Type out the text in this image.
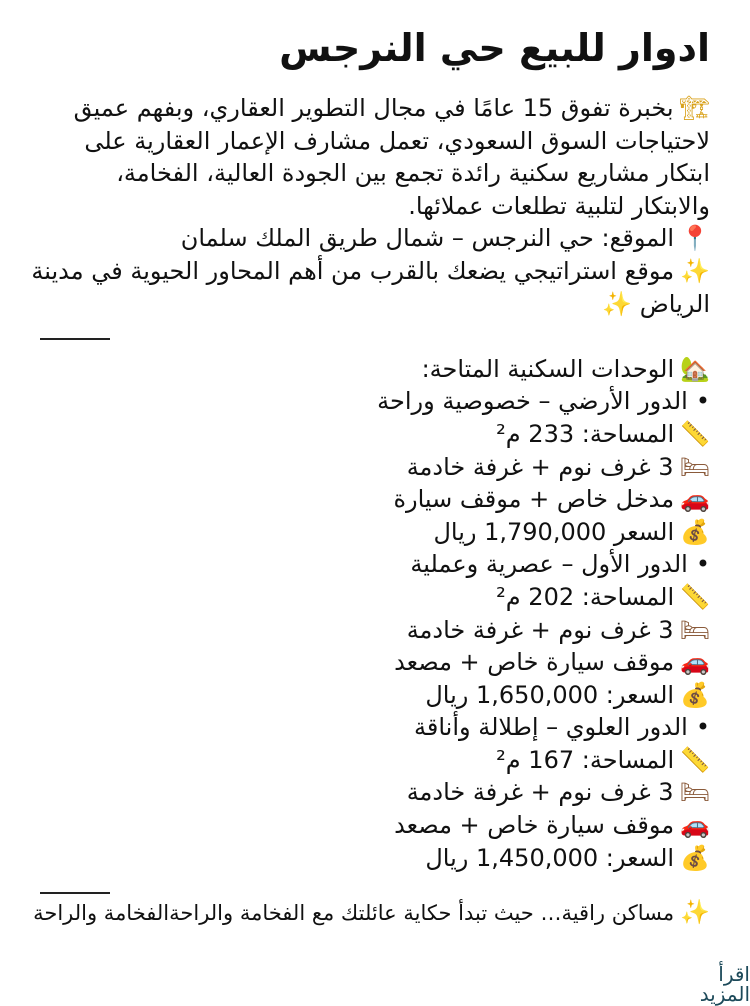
ادوار للبيع حي النرجس
🏗بخبرة تفوق 15 عامًا في مجال التطوير العقاري، وبفهم عميق لاحتياجات السوق السعودي، تعمل مشارف الإعمار العقارية على ابتكار مشاريع سكنية رائدة تجمع بين الجودة العالية، الفخامة، والابتكار لتلبية تطلعات عملائها.
📍الموقع: حي النرجس – شمال طريق الملك سلمان
✨موقع استراتيجي يضعك بالقرب من أهم المحاور الحيوية في مدينة
الرياض ✨
🏡الوحدات السكنية المتاحة:
•الدور الأرضي – خصوصية وراحة
📏المساحة: 233 م²
🛏3 غرف نوم + غرفة خادمة
🚗مدخل خاص + موقف سيارة
💰السعر 1,790,000 ريال
•الدور الأول – عصرية وعملية
📏المساحة: 202 م²
🛏3 غرف نوم + غرفة خادمة
🚗موقف سيارة خاص + مصعد
💰السعر: 1,650,000 ريال
•الدور العلوي – إطلالة وأناقة
📏المساحة: 167 م²
🛏3 غرف نوم + غرفة خادمة
🚗موقف سيارة خاص + مصعد
💰السعر: 1,450,000 ريال
✨مساكن راقية… حيث تبدأ حكاية عائلتك مع الفخامة والراحةالفخامة والراحة
اقرأ المزيد
